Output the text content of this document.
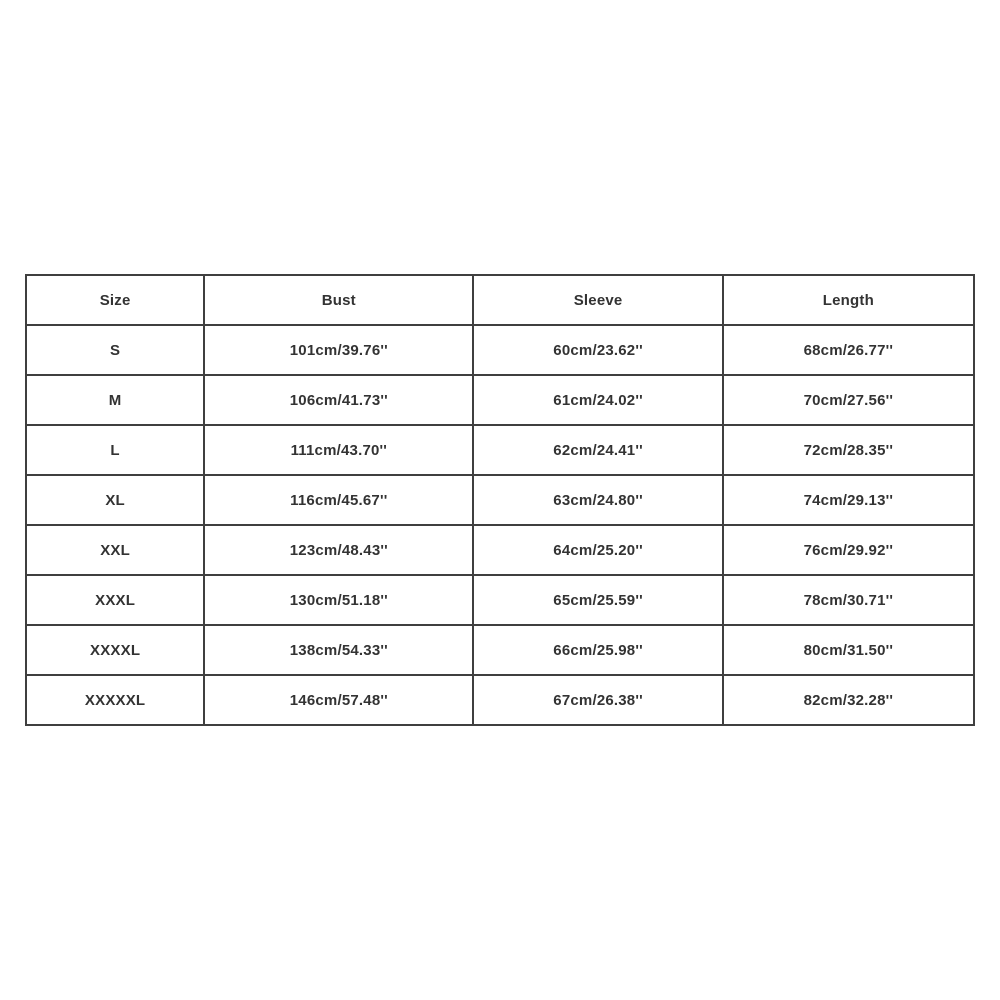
Size	Bust	Sleeve	Length
S	101cm/39.76''	60cm/23.62''	68cm/26.77''
M	106cm/41.73''	61cm/24.02''	70cm/27.56''
L	111cm/43.70''	62cm/24.41''	72cm/28.35''
XL	116cm/45.67''	63cm/24.80''	74cm/29.13''
XXL	123cm/48.43''	64cm/25.20''	76cm/29.92''
XXXL	130cm/51.18''	65cm/25.59''	78cm/30.71''
XXXXL	138cm/54.33''	66cm/25.98''	80cm/31.50''
XXXXXL	146cm/57.48''	67cm/26.38''	82cm/32.28''
